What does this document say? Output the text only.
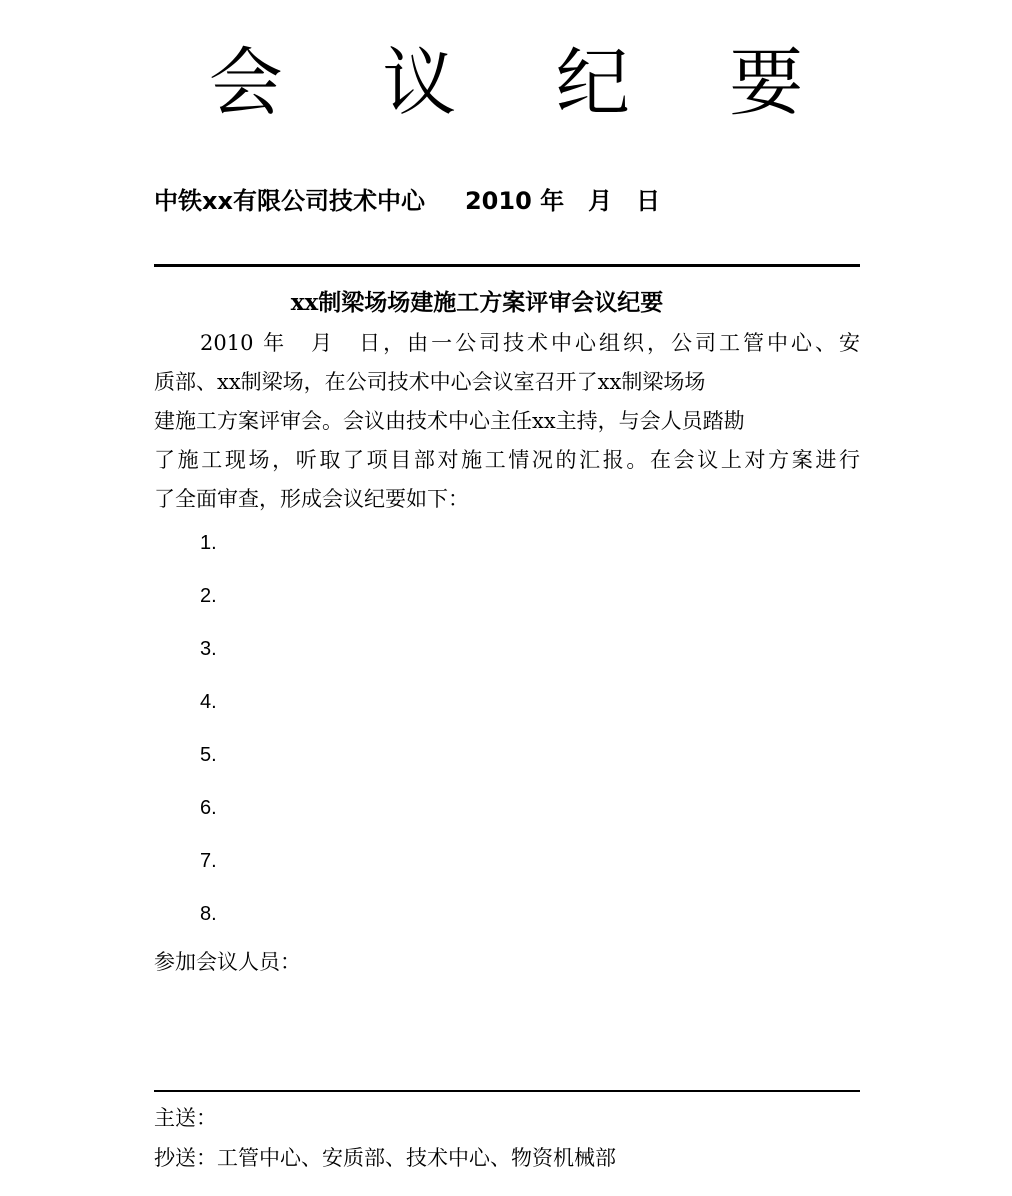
会 议 纪 要
中铁xx有限公司技术中心 2010 年　月　日
xx制梁场场建施工方案评审会议纪要
2010 年　月　日，由一公司技术中心组织，公司工管中心、安
质部、xx制梁场，在公司技术中心会议室召开了xx制梁场场
建施工方案评审会。会议由技术中心主任xx主持，与会人员踏勘
了施工现场，听取了项目部对施工情况的汇报。在会议上对方案进行
了全面审查，形成会议纪要如下：
1.
2.
3.
4.
5.
6.
7.
8.
参加会议人员：
主送：
抄送：工管中心、安质部、技术中心、物资机械部
